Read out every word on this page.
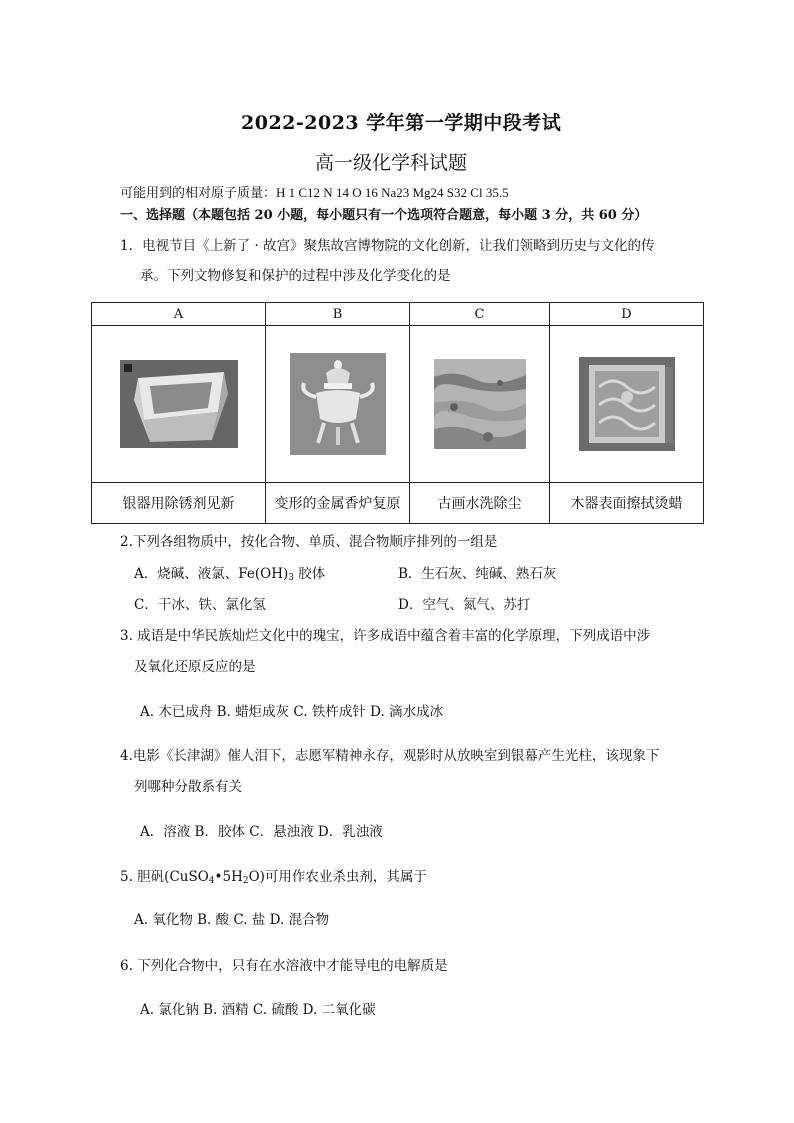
2022-2023 学年第一学期中段考试
高一级化学科试题
可能用到的相对原子质量：H 1 C12 N 14 O 16 Na23 Mg24 S32 Cl 35.5
一、选择题（本题包括 20 小题，每小题只有一个选项符合题意，每小题 3 分，共 60 分）
1．电视节目《上新了 · 故宫》聚焦故宫博物院的文化创新，让我们领略到历史与文化的传
承。下列文物修复和保护的过程中涉及化学变化的是
A	B	C	D

银器用除锈剂见新	变形的金属香炉复原	古画水洗除尘	木器表面擦拭烫蜡
2.下列各组物质中，按化合物、单质、混合物顺序排列的一组是
A．烧碱、液氯、Fe(OH)3 胶体	B．生石灰、纯碱、熟石灰
C．干冰、铁、氯化氢	D．空气、氮气、苏打
3. 成语是中华民族灿烂文化中的瑰宝，许多成语中蕴含着丰富的化学原理，下列成语中涉
及氧化还原反应的是
A. 木已成舟 B. 蜡炬成灰 C. 铁杵成针 D. 滴水成冰
4.电影《长津湖》催人泪下，志愿军精神永存，观影时从放映室到银幕产生光柱，该现象下
列哪种分散系有关
A．溶液 B．胶体 C．悬浊液 D．乳浊液
5. 胆矾(CuSO4•5H2O)可用作农业杀虫剂，其属于
A. 氧化物 B. 酸 C. 盐 D. 混合物
6. 下列化合物中，只有在水溶液中才能导电的电解质是
A. 氯化钠 B. 酒精 C. 硫酸 D. 二氧化碳
